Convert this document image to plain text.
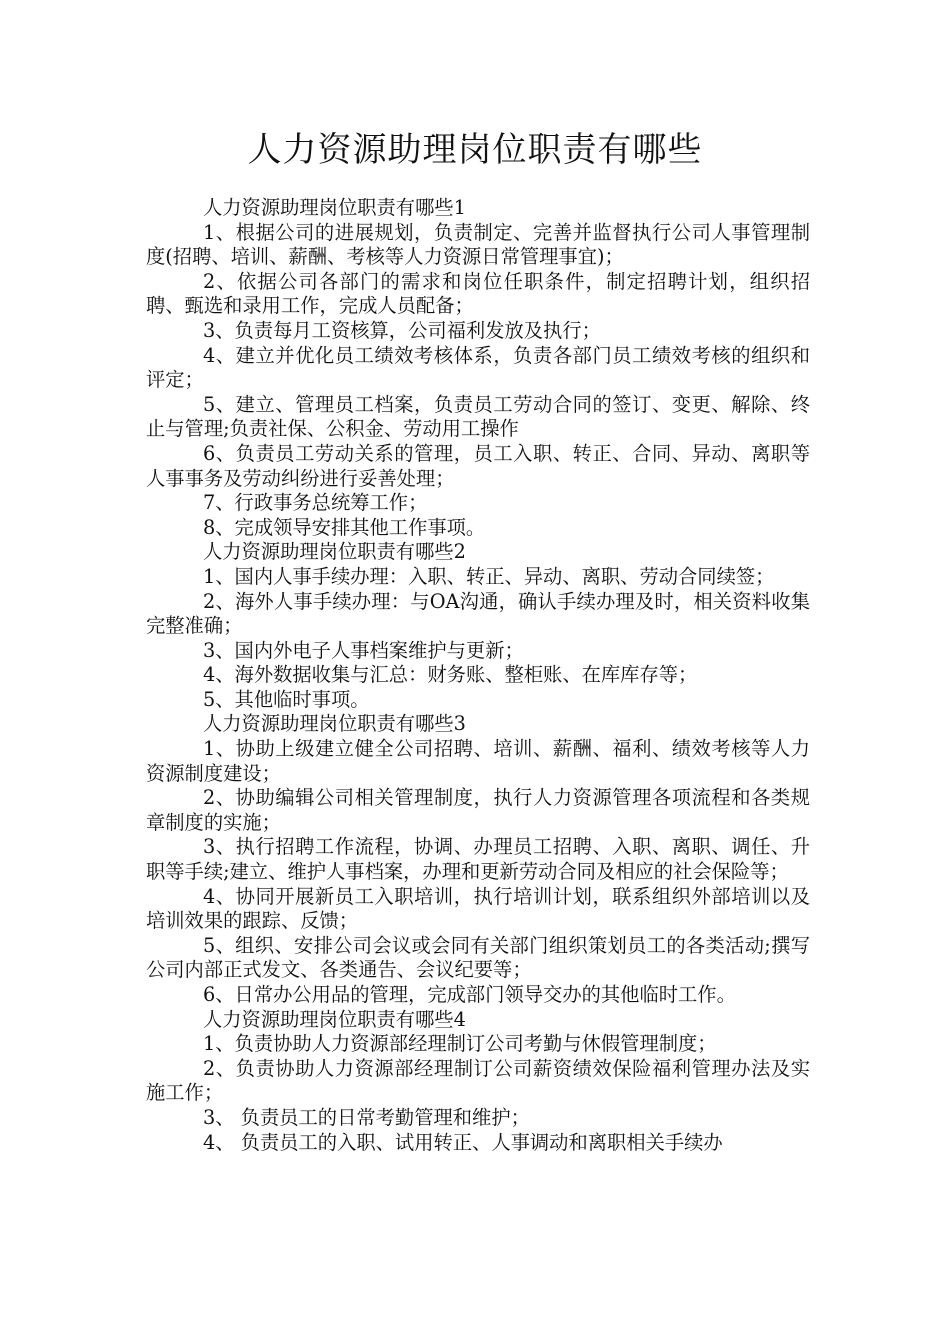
人力资源助理岗位职责有哪些

人力资源助理岗位职责有哪些1

1、根据公司的进展规划，负责制定、完善并监督执行公司人事管理制度(招聘、培训、薪酬、考核等人力资源日常管理事宜)；

2、依据公司各部门的需求和岗位任职条件，制定招聘计划，组织招聘、甄选和录用工作，完成人员配备；

3、负责每月工资核算，公司福利发放及执行；

4、建立并优化员工绩效考核体系，负责各部门员工绩效考核的组织和评定；

5、建立、管理员工档案，负责员工劳动合同的签订、变更、解除、终止与管理;负责社保、公积金、劳动用工操作

6、负责员工劳动关系的管理，员工入职、转正、合同、异动、离职等人事事务及劳动纠纷进行妥善处理；

7、行政事务总统筹工作；

8、完成领导安排其他工作事项。

人力资源助理岗位职责有哪些2

1、国内人事手续办理：入职、转正、异动、离职、劳动合同续签；

2、海外人事手续办理：与OA沟通，确认手续办理及时，相关资料收集完整准确；

3、国内外电子人事档案维护与更新；

4、海外数据收集与汇总：财务账、整柜账、在库库存等；

5、其他临时事项。

人力资源助理岗位职责有哪些3

1、协助上级建立健全公司招聘、培训、薪酬、福利、绩效考核等人力资源制度建设；

2、协助编辑公司相关管理制度，执行人力资源管理各项流程和各类规章制度的实施；

3、执行招聘工作流程，协调、办理员工招聘、入职、离职、调任、升职等手续;建立、维护人事档案，办理和更新劳动合同及相应的社会保险等；

4、协同开展新员工入职培训，执行培训计划，联系组织外部培训以及培训效果的跟踪、反馈；

5、组织、安排公司会议或会同有关部门组织策划员工的各类活动;撰写公司内部正式发文、各类通告、会议纪要等；

6、日常办公用品的管理，完成部门领导交办的其他临时工作。

人力资源助理岗位职责有哪些4

1、负责协助人力资源部经理制订公司考勤与休假管理制度；

2、负责协助人力资源部经理制订公司薪资绩效保险福利管理办法及实施工作；

3、 负责员工的日常考勤管理和维护；

4、 负责员工的入职、试用转正、人事调动和离职相关手续办
